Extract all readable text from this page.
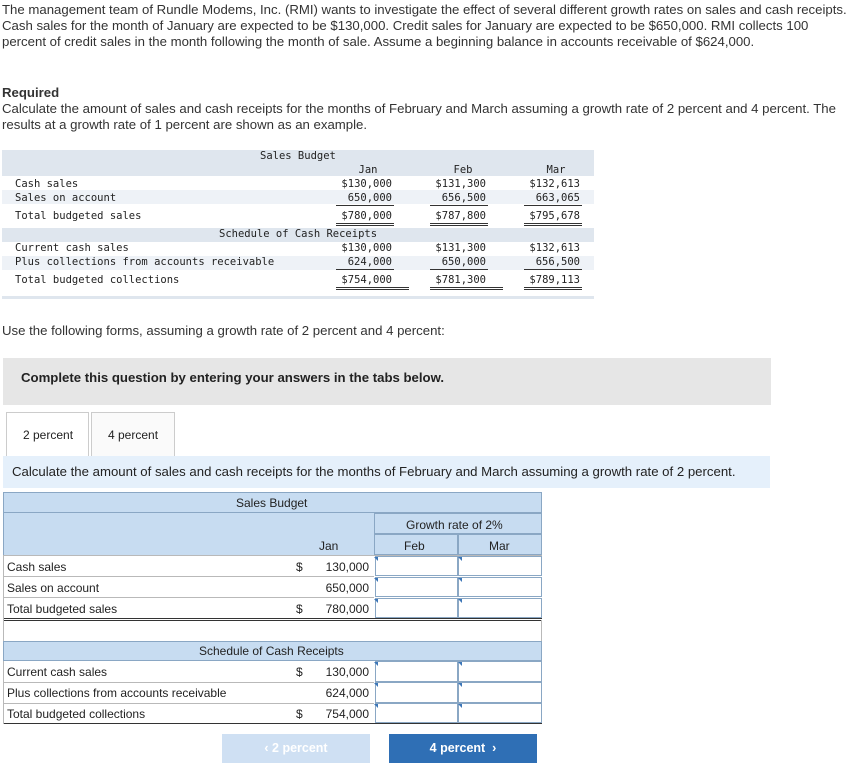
The management team of Rundle Modems, Inc. (RMI) wants to investigate the effect of several different growth rates on sales and cash receipts. Cash sales for the month of January are expected to be $130,000. Credit sales for January are expected to be $650,000. RMI collects 100 percent of credit sales in the month following the month of sale. Assume a beginning balance in accounts receivable of $624,000.
Required
Calculate the amount of sales and cash receipts for the months of February and March assuming a growth rate of 2 percent and 4 percent. The results at a growth rate of 1 percent are shown as an example.
Sales Budget
Jan	Feb	Mar
Cash sales	$130,000	$131,300	$132,613
Sales on account	650,000	656,500	663,065
Total budgeted sales	$780,000	$787,800	$795,678
Schedule of Cash Receipts
Current cash sales	$130,000	$131,300	$132,613
Plus collections from accounts receivable	624,000	650,000	656,500
Total budgeted collections	$754,000	$781,300	$789,113
Use the following forms, assuming a growth rate of 2 percent and 4 percent:
Complete this question by entering your answers in the tabs below.
2 percent	4 percent
Calculate the amount of sales and cash receipts for the months of February and March assuming a growth rate of 2 percent.
Sales Budget
Growth rate of 2%
Jan	Feb	Mar
Cash sales	$	130,000
Sales on account	650,000
Total budgeted sales	$	780,000
Schedule of Cash Receipts
Current cash sales	$	130,000
Plus collections from accounts receivable	624,000
Total budgeted collections	$	754,000
‹ 2 percent	4 percent  ›
